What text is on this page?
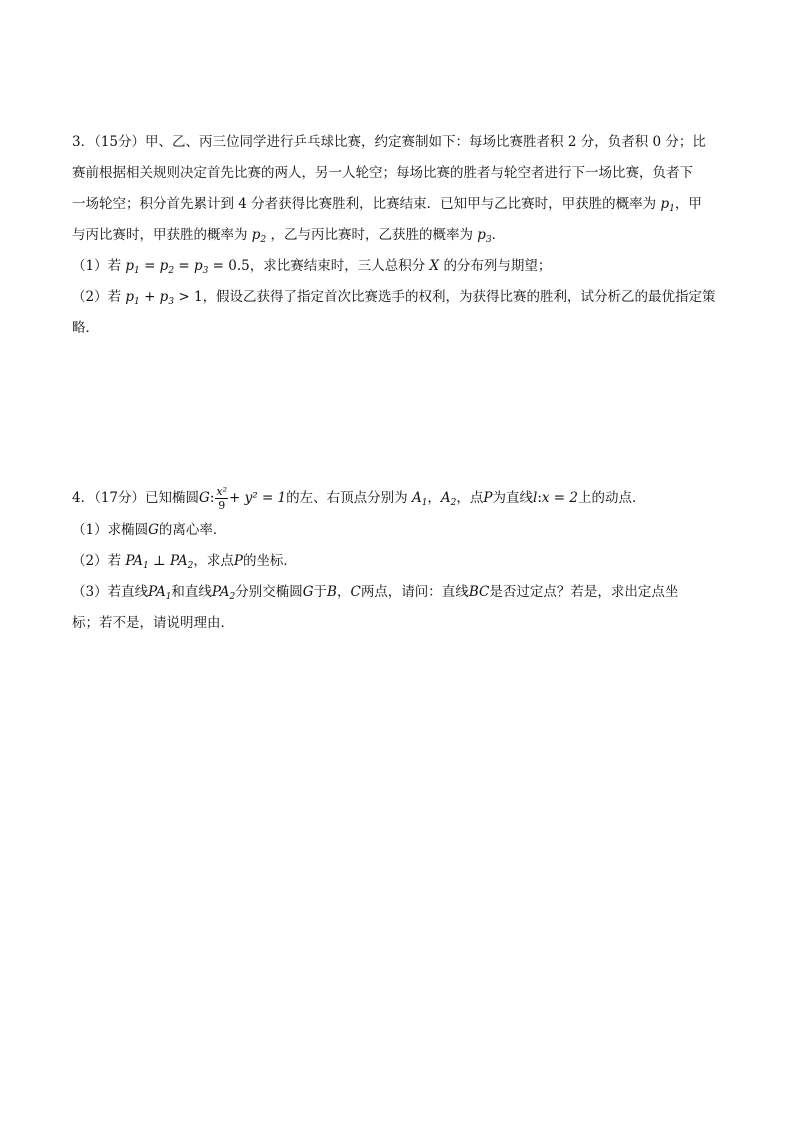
3．（15分）甲、乙、丙三位同学进行乒乓球比赛，约定赛制如下：每场比赛胜者积 2 分，负者积 0 分；比
赛前根据相关规则决定首先比赛的两人，另一人轮空；每场比赛的胜者与轮空者进行下一场比赛，负者下
一场轮空；积分首先累计到 4 分者获得比赛胜利，比赛结束．已知甲与乙比赛时，甲获胜的概率为 $p_1$，甲
与丙比赛时，甲获胜的概率为 $p_2$ ，乙与丙比赛时，乙获胜的概率为 $p_3$．
（1）若 $p_1 = p_2 = p_3 = 0.5$，求比赛结束时，三人总积分 X 的分布列与期望；
（2）若 $p_1 + p_3 > 1$，假设乙获得了指定首次比赛选手的权利，为获得比赛的胜利，试分析乙的最优指定策
略．
4．（17分）已知椭圆G: $\frac{\text{x²}}{9} + y^2 = 1$的左、右顶点分别为 $A_1$，$A_2$，点P为直线l:x = 2上的动点．
（1）求椭圆G的离心率．
（2）若 $PA_1$ ⊥ $PA_2$，求点P的坐标．
（3）若直线$PA_1$和直线$PA_2$分别交椭圆G于B，C两点，请问：直线BC是否过定点？若是，求出定点坐
标；若不是，请说明理由．
